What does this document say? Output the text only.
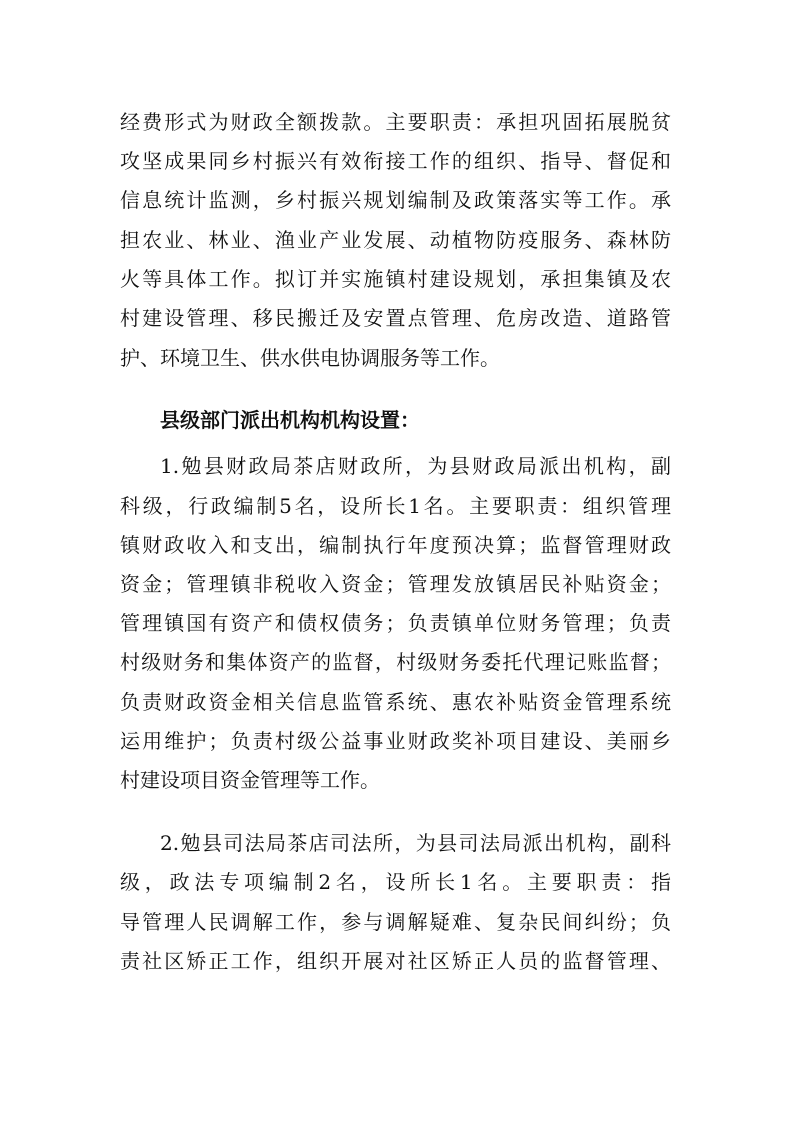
经费形式为财政全额拨款。主要职责：承担巩固拓展脱贫
攻坚成果同乡村振兴有效衔接工作的组织、指导、督促和
信息统计监测，乡村振兴规划编制及政策落实等工作。承
担农业、林业、渔业产业发展、动植物防疫服务、森林防
火等具体工作。拟订并实施镇村建设规划，承担集镇及农
村建设管理、移民搬迁及安置点管理、危房改造、道路管
护、环境卫生、供水供电协调服务等工作。
县级部门派出机构机构设置：
1.勉县财政局茶店财政所，为县财政局派出机构，副
科级，行政编制5名，设所长1名。主要职责：组织管理
镇财政收入和支出，编制执行年度预决算；监督管理财政
资金；管理镇非税收入资金；管理发放镇居民补贴资金；
管理镇国有资产和债权债务；负责镇单位财务管理；负责
村级财务和集体资产的监督，村级财务委托代理记账监督；
负责财政资金相关信息监管系统、惠农补贴资金管理系统
运用维护；负责村级公益事业财政奖补项目建设、美丽乡
村建设项目资金管理等工作。
2.勉县司法局茶店司法所，为县司法局派出机构，副科
级，政法专项编制2名，设所长1名。主要职责：指
导管理人民调解工作，参与调解疑难、复杂民间纠纷；负
责社区矫正工作，组织开展对社区矫正人员的监督管理、
